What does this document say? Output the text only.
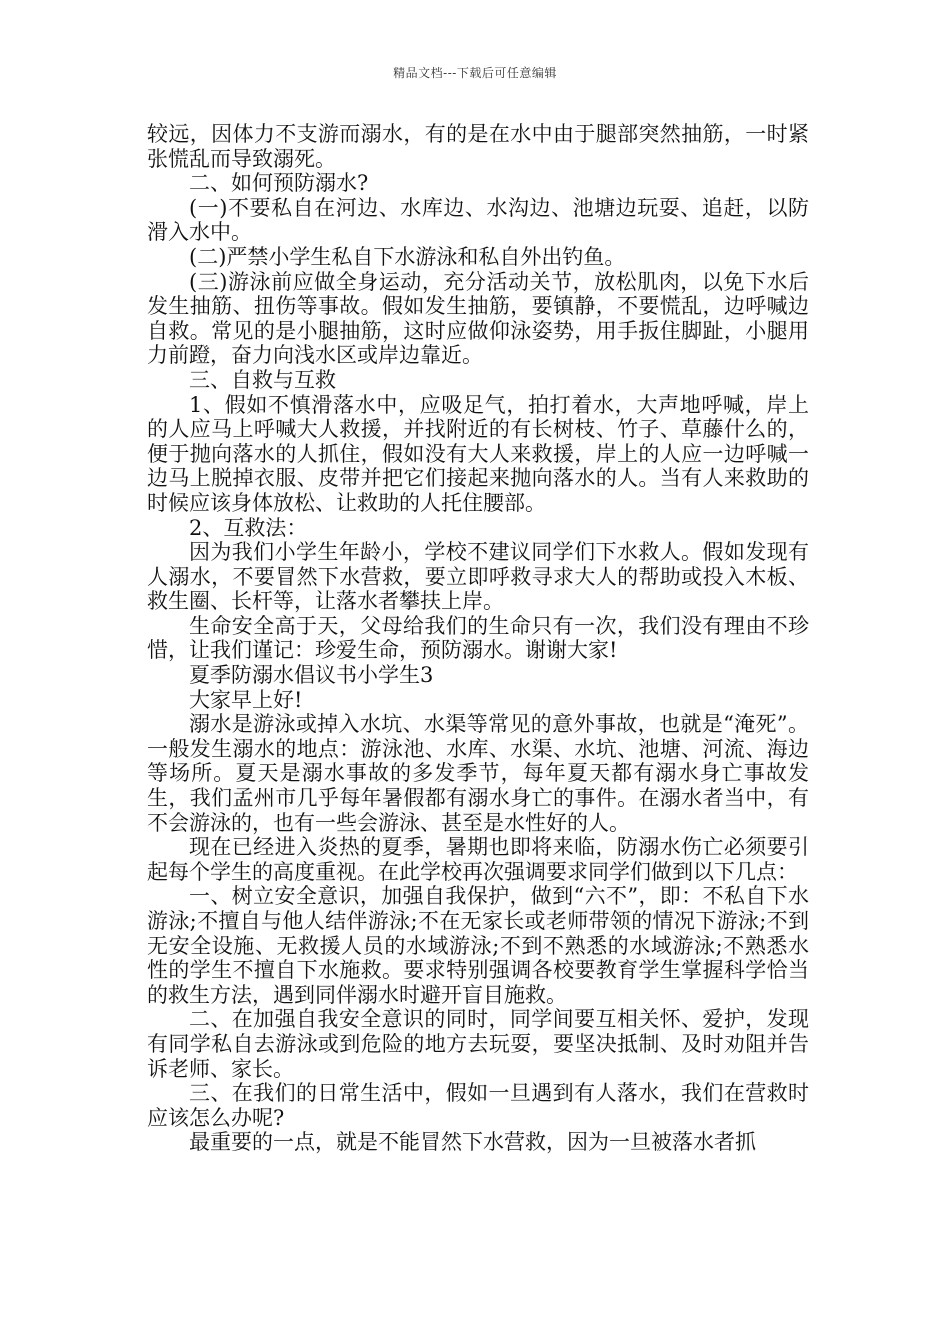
精品文档---下载后可任意编辑

较远，因体力不支游而溺水，有的是在水中由于腿部突然抽筋，一时紧张慌乱而导致溺死。

二、如何预防溺水?

(一)不要私自在河边、水库边、水沟边、池塘边玩耍、追赶，以防滑入水中。

(二)严禁小学生私自下水游泳和私自外出钓鱼。

(三)游泳前应做全身运动，充分活动关节，放松肌肉，以免下水后发生抽筋、扭伤等事故。假如发生抽筋，要镇静，不要慌乱，边呼喊边自救。常见的是小腿抽筋，这时应做仰泳姿势，用手扳住脚趾，小腿用力前蹬，奋力向浅水区或岸边靠近。

三、自救与互救

1、假如不慎滑落水中，应吸足气，拍打着水，大声地呼喊，岸上的人应马上呼喊大人救援，并找附近的有长树枝、竹子、草藤什么的，便于抛向落水的人抓住，假如没有大人来救援，岸上的人应一边呼喊一边马上脱掉衣服、皮带并把它们接起来抛向落水的人。当有人来救助的时候应该身体放松、让救助的人托住腰部。

2、互救法：

因为我们小学生年龄小，学校不建议同学们下水救人。假如发现有人溺水，不要冒然下水营救，要立即呼救寻求大人的帮助或投入木板、救生圈、长杆等，让落水者攀扶上岸。

生命安全高于天，父母给我们的生命只有一次，我们没有理由不珍惜，让我们谨记：珍爱生命，预防溺水。谢谢大家!

夏季防溺水倡议书小学生3

大家早上好!

溺水是游泳或掉入水坑、水渠等常见的意外事故，也就是“淹死”。一般发生溺水的地点：游泳池、水库、水渠、水坑、池塘、河流、海边等场所。夏天是溺水事故的多发季节，每年夏天都有溺水身亡事故发生，我们孟州市几乎每年暑假都有溺水身亡的事件。在溺水者当中，有不会游泳的，也有一些会游泳、甚至是水性好的人。

现在已经进入炎热的夏季，暑期也即将来临，防溺水伤亡必须要引起每个学生的高度重视。在此学校再次强调要求同学们做到以下几点：

一、树立安全意识，加强自我保护，做到“六不”，即：不私自下水游泳;不擅自与他人结伴游泳;不在无家长或老师带领的情况下游泳;不到无安全设施、无救援人员的水域游泳;不到不熟悉的水域游泳;不熟悉水性的学生不擅自下水施救。要求特别强调各校要教育学生掌握科学恰当的救生方法，遇到同伴溺水时避开盲目施救。

二、在加强自我安全意识的同时，同学间要互相关怀、爱护，发现有同学私自去游泳或到危险的地方去玩耍，要坚决抵制、及时劝阻并告诉老师、家长。

三、在我们的日常生活中，假如一旦遇到有人落水，我们在营救时应该怎么办呢?

最重要的一点，就是不能冒然下水营救，因为一旦被落水者抓
